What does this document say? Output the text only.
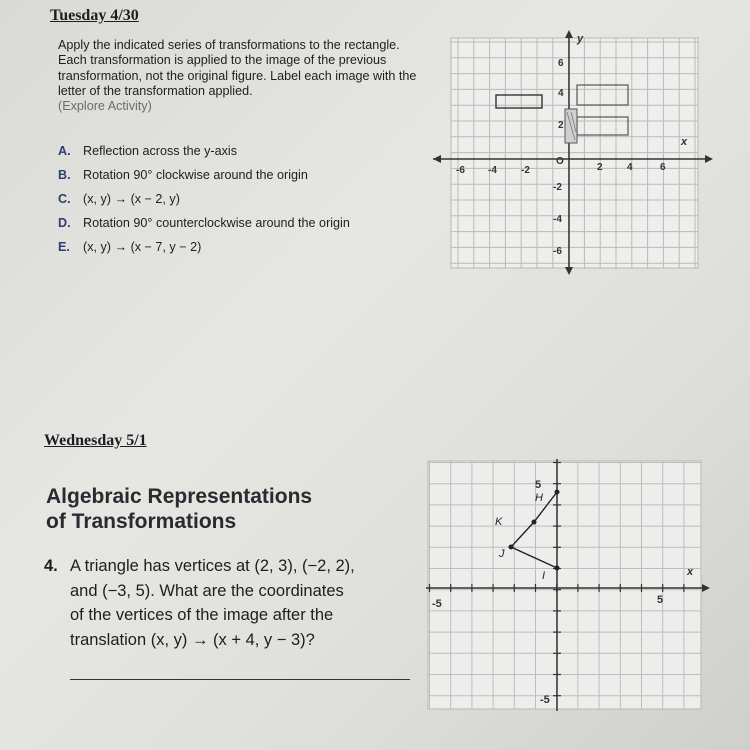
Tuesday 4/30
Apply the indicated series of transformations to the rectangle. Each transformation is applied to the image of the previous transformation, not the original figure. Label each image with the letter of the transformation applied.
(Explore Activity)
A. Reflection across the y-axis
B. Rotation 90° clockwise around the origin
C. (x, y) → (x − 2, y)
D. Rotation 90° counterclockwise around the origin
E.	(x, y) → (x − 7, y − 2)
-6 -4 -2	2 4	6
6
4
2
-2
-4
-6
O
x
y
Wednesday 5/1
Algebraic Representations
of Transformations
4. A triangle has vertices at (2, 3), (−2, 2),
and (−3, 5). What are the coordinates
of the vertices of the image after the
translation (x, y) → (x + 4, y − 3)?
-5	5
5
-5
x
H
K
J
I
